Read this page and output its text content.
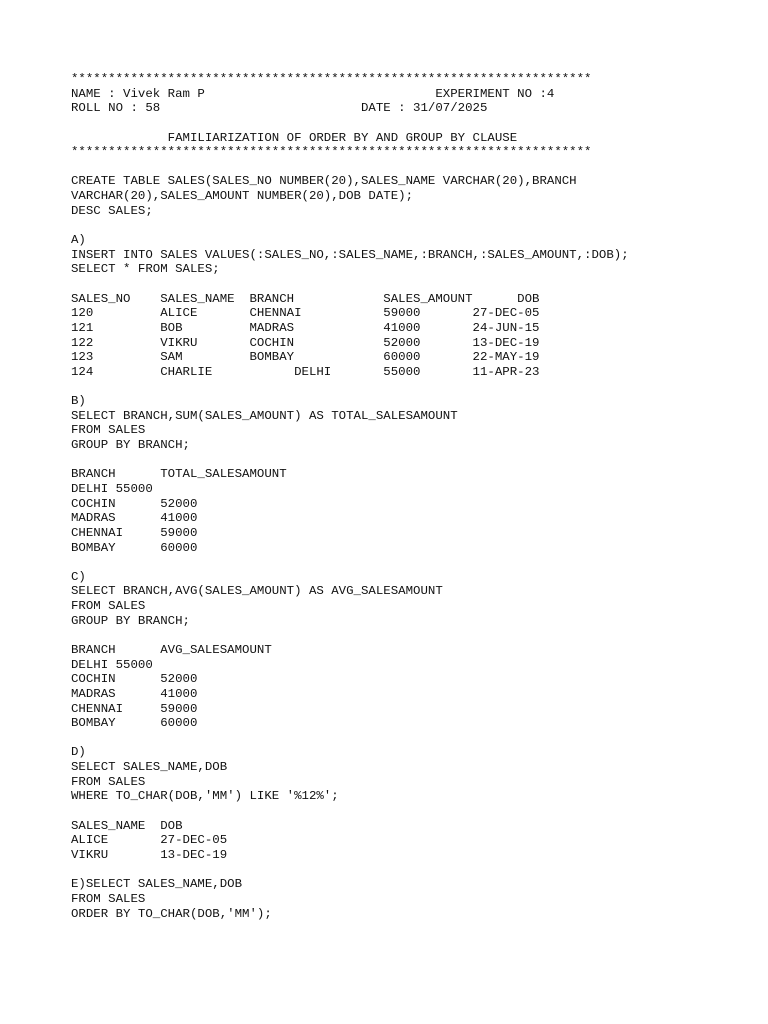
**********************************************************************
NAME : Vivek Ram P                               EXPERIMENT NO :4
ROLL NO : 58                           DATE : 31/07/2025
FAMILIARIZATION OF ORDER BY AND GROUP BY CLAUSE
**********************************************************************
CREATE TABLE SALES(SALES_NO NUMBER(20),SALES_NAME VARCHAR(20),BRANCH
VARCHAR(20),SALES_AMOUNT NUMBER(20),DOB DATE);
DESC SALES;
A)
INSERT INTO SALES VALUES(:SALES_NO,:SALES_NAME,:BRANCH,:SALES_AMOUNT,:DOB);
SELECT * FROM SALES;
SALES_NO    SALES_NAME  BRANCH            SALES_AMOUNT      DOB
120         ALICE       CHENNAI           59000       27-DEC-05
121         BOB         MADRAS            41000       24-JUN-15
122         VIKRU       COCHIN            52000       13-DEC-19
123         SAM         BOMBAY            60000       22-MAY-19
124         CHARLIE           DELHI       55000       11-APR-23
B)
SELECT BRANCH,SUM(SALES_AMOUNT) AS TOTAL_SALESAMOUNT
FROM SALES
GROUP BY BRANCH;
BRANCH      TOTAL_SALESAMOUNT
DELHI 55000
COCHIN      52000
MADRAS      41000
CHENNAI     59000
BOMBAY      60000
C)
SELECT BRANCH,AVG(SALES_AMOUNT) AS AVG_SALESAMOUNT
FROM SALES
GROUP BY BRANCH;
BRANCH      AVG_SALESAMOUNT
DELHI 55000
COCHIN      52000
MADRAS      41000
CHENNAI     59000
BOMBAY      60000
D)
SELECT SALES_NAME,DOB
FROM SALES
WHERE TO_CHAR(DOB,'MM') LIKE '%12%';
SALES_NAME  DOB
ALICE       27-DEC-05
VIKRU       13-DEC-19
E)SELECT SALES_NAME,DOB
FROM SALES
ORDER BY TO_CHAR(DOB,'MM');
